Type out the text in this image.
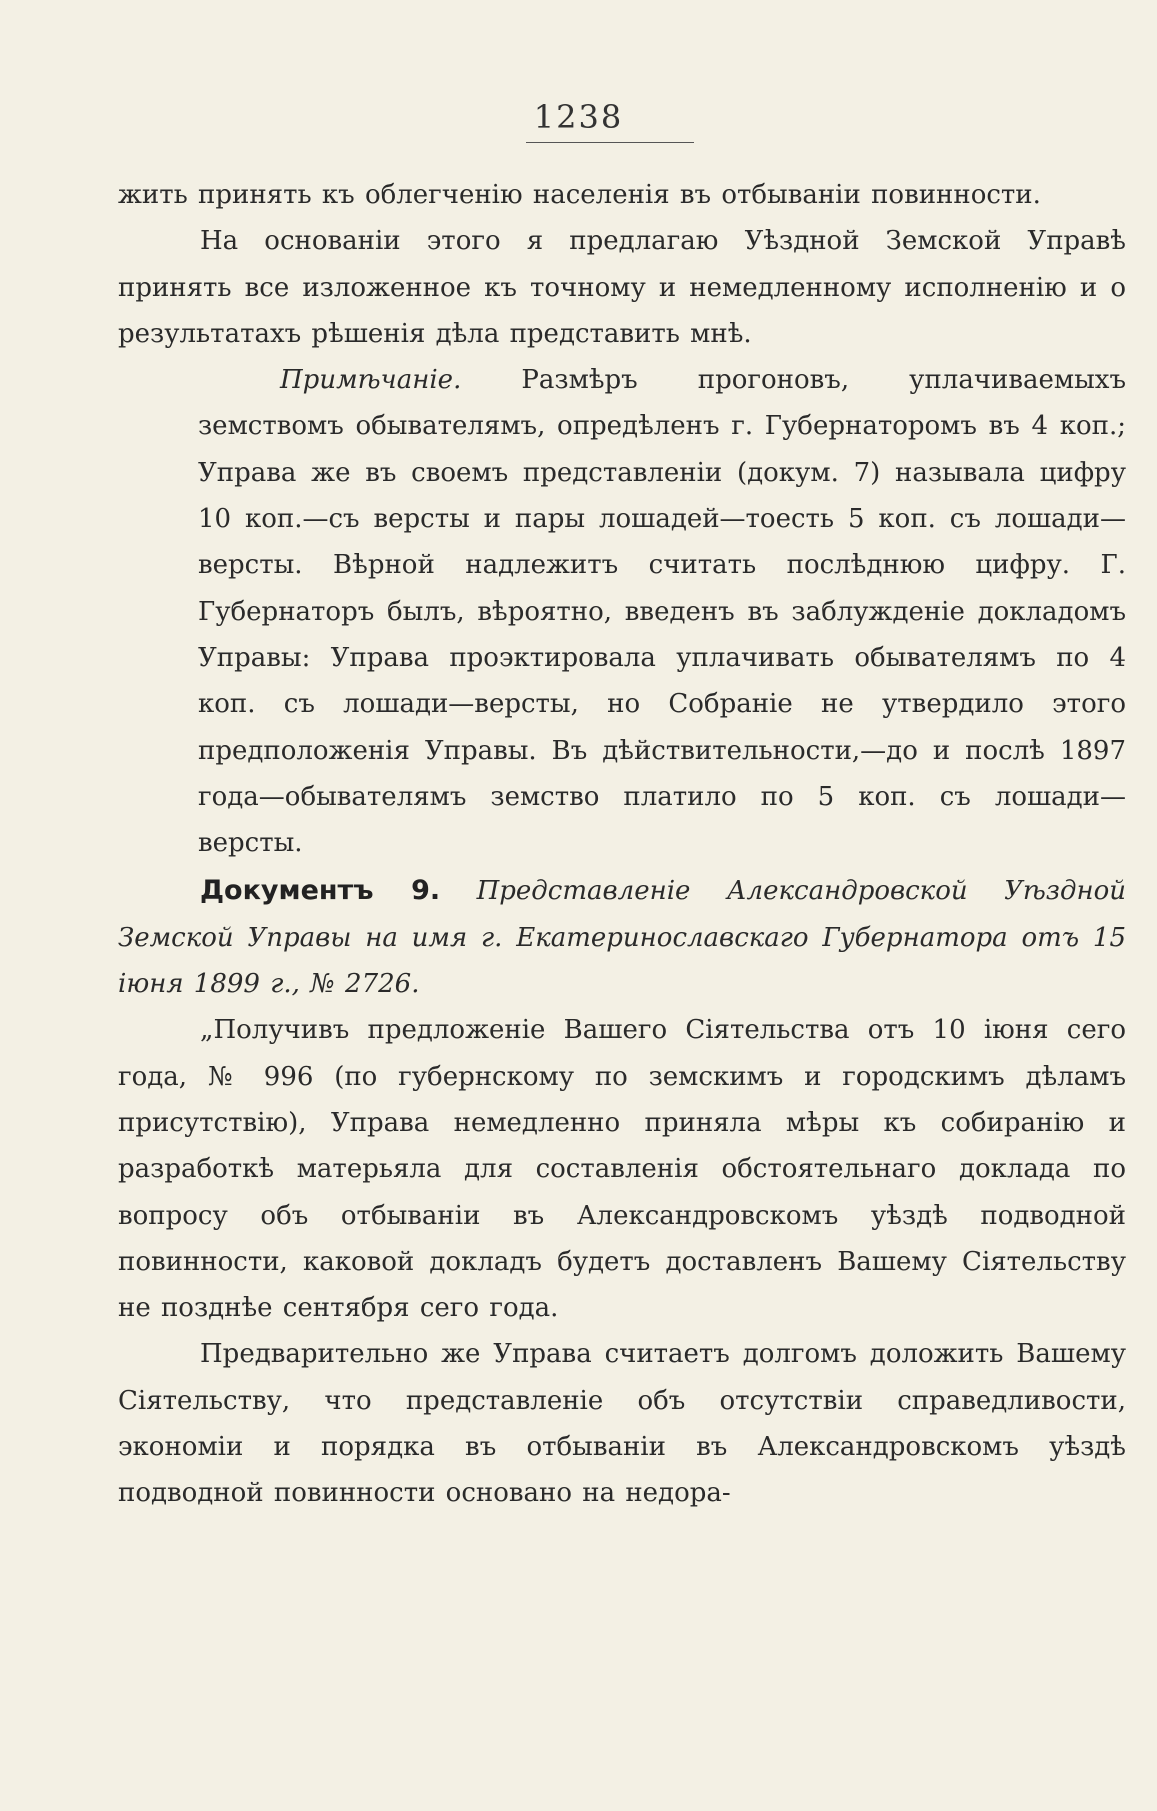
1238

жить принять къ облегченію населенія въ отбываніи повинности.

На основаніи этого я предлагаю Уѣздной Земской Управѣ принять все изложенное къ точному и немедленному исполненію и о результатахъ рѣшенія дѣла представить мнѣ.

Примѣчаніе. Размѣръ прогоновъ, уплачиваемыхъ земствомъ обывателямъ, опредѣленъ г. Губернаторомъ въ 4 коп.; Управа же въ своемъ представленіи (докум. 7) называла цифру 10 коп.—съ версты и пары лошадей—тоесть 5 коп. съ лошади—версты. Вѣрной надлежитъ считать послѣднюю цифру. Г. Губернаторъ былъ, вѣроятно, введенъ въ заблужденіе докладомъ Управы: Управа проэктировала уплачивать обывателямъ по 4 коп. съ лошади—версты, но Собраніе не утвердило этого предположенія Управы. Въ дѣйствительности,—до и послѣ 1897 года—обывателямъ земство платило по 5 коп. съ лошади—версты.

Документъ 9. Представленіе Александровской Уѣздной Земской Управы на имя г. Екатеринославскаго Губернатора отъ 15 іюня 1899 г., № 2726.

„Получивъ предложеніе Вашего Сіятельства отъ 10 іюня сего года, № 996 (по губернскому по земскимъ и городскимъ дѣламъ присутствію), Управа немедленно приняла мѣры къ собиранію и разработкѣ матерьяла для составленія обстоятельнаго доклада по вопросу объ отбываніи въ Александровскомъ уѣздѣ подводной повинности, каковой докладъ будетъ доставленъ Вашему Сіятельству не позднѣе сентября сего года.

Предварительно же Управа считаетъ долгомъ доложить Вашему Сіятельству, что представленіе объ отсутствіи справедливости, экономіи и порядка въ отбываніи въ Александровскомъ уѣздѣ подводной повинности основано на недора-
